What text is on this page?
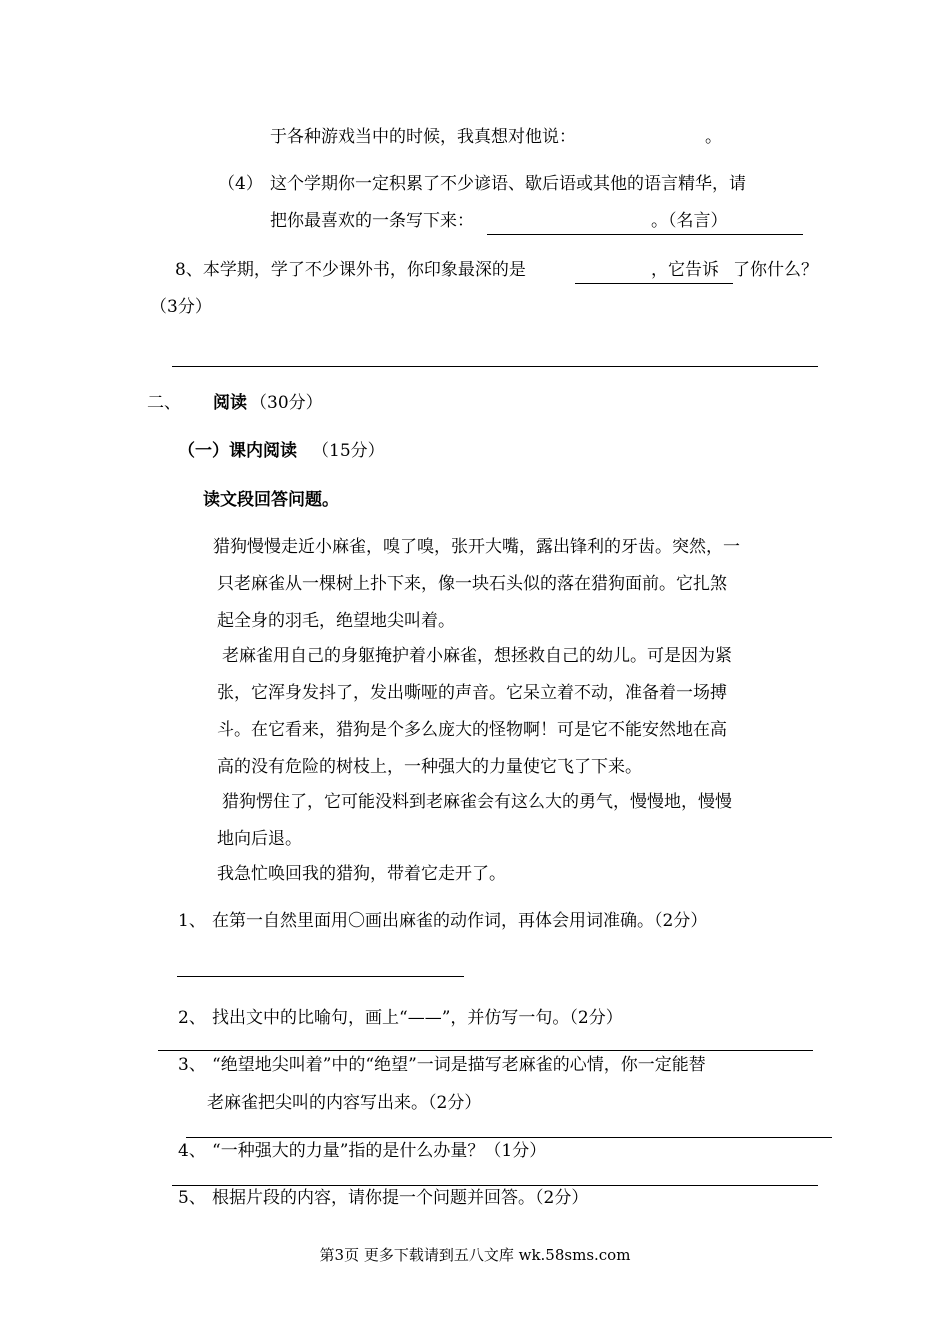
于各种游戏当中的时候，我真想对他说：	。
（4） 这个学期你一定积累了不少谚语、歇后语或其他的语言精华，请
把你最喜欢的一条写下来：	。（名言）
8、本学期，学了不少课外书，你印象最深的是	，它告诉 了你什么？
（3分）
二、 阅读 （30分）
（一）课内阅读 （15分）
读文段回答问题。
猎狗慢慢走近小麻雀，嗅了嗅，张开大嘴，露出锋利的牙齿。突然，一
只老麻雀从一棵树上扑下来，像一块石头似的落在猎狗面前。它扎煞
起全身的羽毛，绝望地尖叫着。
老麻雀用自己的身躯掩护着小麻雀，想拯救自己的幼儿。可是因为紧
张，它浑身发抖了，发出嘶哑的声音。它呆立着不动，准备着一场搏
斗。在它看来，猎狗是个多么庞大的怪物啊！可是它不能安然地在高
高的没有危险的树枝上，一种强大的力量使它飞了下来。
猎狗愣住了，它可能没料到老麻雀会有这么大的勇气，慢慢地，慢慢
地向后退。
我急忙唤回我的猎狗，带着它走开了。
1、 在第一自然里面用〇画出麻雀的动作词，再体会用词准确。（2分）
2、 找出文中的比喻句，画上“——”，并仿写一句。（2分）
3、 “绝望地尖叫着”中的“绝望”一词是描写老麻雀的心情，你一定能替
老麻雀把尖叫的内容写出来。（2分）
4、 “一种强大的力量”指的是什么办量？（1分）
5、 根据片段的内容，请你提一个问题并回答。（2分）
第3页 更多下载请到五八文库 wk.58sms.com
